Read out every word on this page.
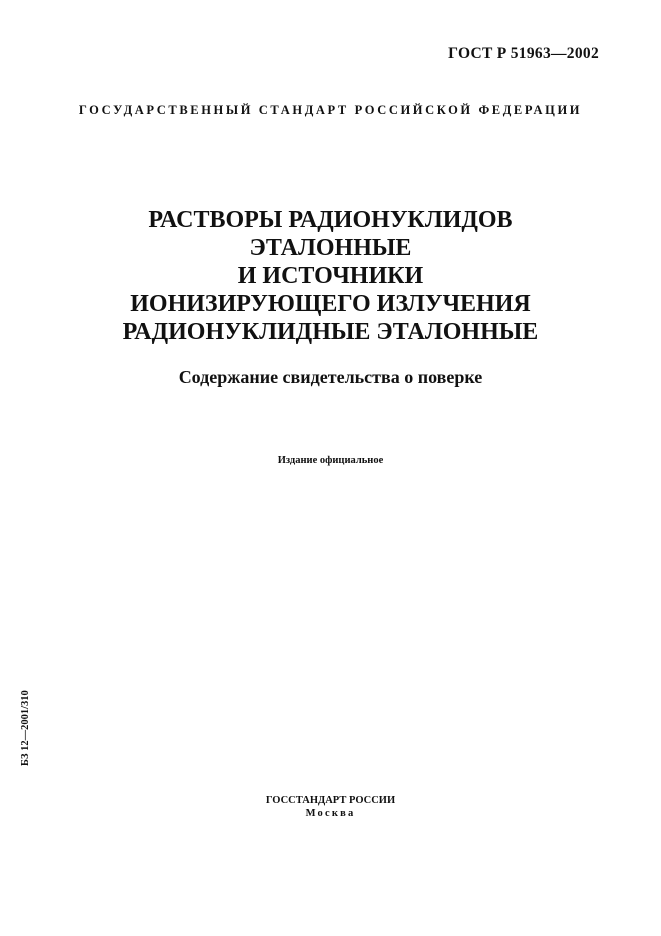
ГОСТ Р 51963—2002
ГОСУДАРСТВЕННЫЙ СТАНДАРТ РОССИЙСКОЙ ФЕДЕРАЦИИ
РАСТВОРЫ РАДИОНУКЛИДОВ
ЭТАЛОННЫЕ
И ИСТОЧНИКИ
ИОНИЗИРУЮЩЕГО ИЗЛУЧЕНИЯ
РАДИОНУКЛИДНЫЕ ЭТАЛОННЫЕ
Содержание свидетельства о поверке
Издание официальное
БЗ 12—2001/310
ГОССТАНДАРТ РОССИИ
Москва
